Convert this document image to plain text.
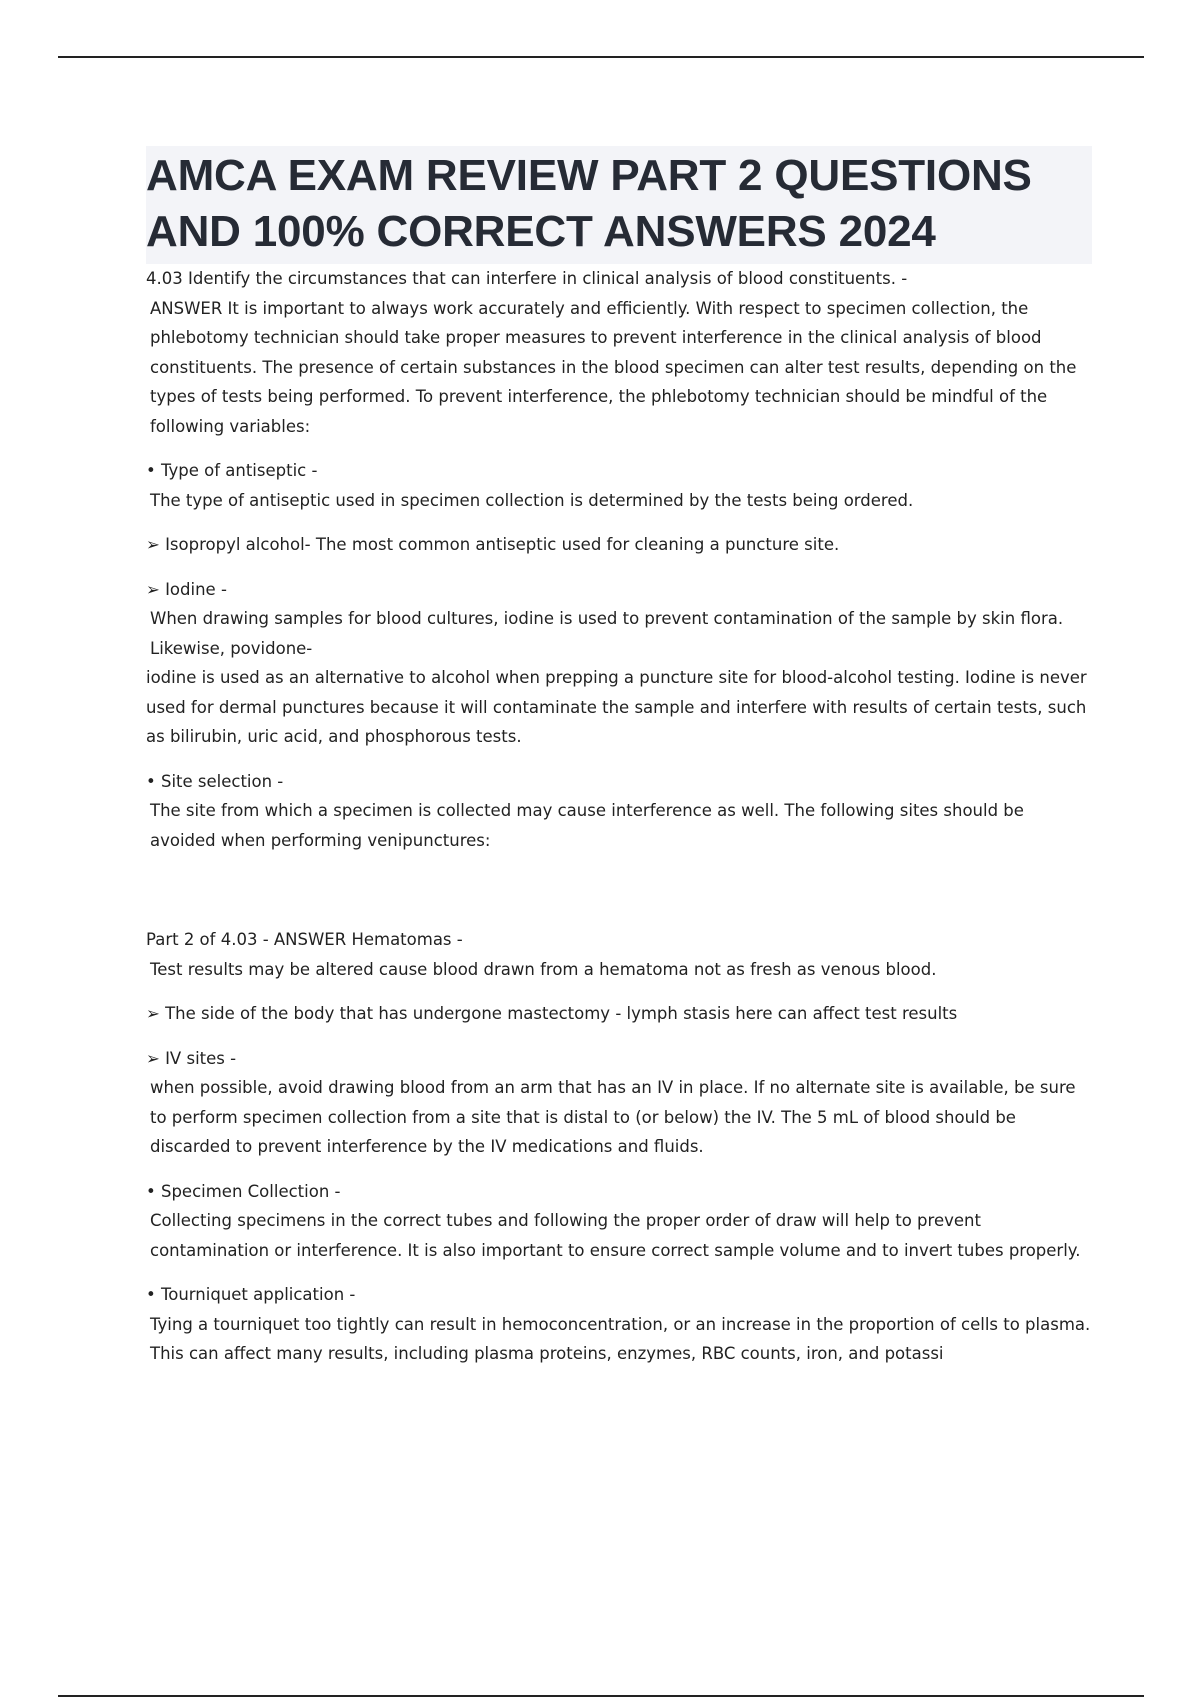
AMCA EXAM REVIEW PART 2 QUESTIONS AND 100% CORRECT ANSWERS 2024

4.03 Identify the circumstances that can interfere in clinical analysis of blood constituents. -

ANSWER It is important to always work accurately and efficiently. With respect to specimen collection, the phlebotomy technician should take proper measures to prevent interference in the clinical analysis of blood constituents. The presence of certain substances in the blood specimen can alter test results, depending on the types of tests being performed. To prevent interference, the phlebotomy technician should be mindful of the following variables:

• Type of antiseptic -

The type of antiseptic used in specimen collection is determined by the tests being ordered.

➢ Isopropyl alcohol- The most common antiseptic used for cleaning a puncture site.

➢ Iodine -

When drawing samples for blood cultures, iodine is used to prevent contamination of the sample by skin flora. Likewise, povidone-

iodine is used as an alternative to alcohol when prepping a puncture site for blood-alcohol testing. Iodine is never used for dermal punctures because it will contaminate the sample and interfere with results of certain tests, such as bilirubin, uric acid, and phosphorous tests.

• Site selection -

The site from which a specimen is collected may cause interference as well. The following sites should be avoided when performing venipunctures:

Part 2 of 4.03 - ANSWER Hematomas -

Test results may be altered cause blood drawn from a hematoma not as fresh as venous blood.

➢ The side of the body that has undergone mastectomy - lymph stasis here can affect test results

➢ IV sites -

when possible, avoid drawing blood from an arm that has an IV in place. If no alternate site is available, be sure to perform specimen collection from a site that is distal to (or below) the IV. The 5 mL of blood should be discarded to prevent interference by the IV medications and fluids.

• Specimen Collection -

Collecting specimens in the correct tubes and following the proper order of draw will help to prevent contamination or interference. It is also important to ensure correct sample volume and to invert tubes properly.

• Tourniquet application -

Tying a tourniquet too tightly can result in hemoconcentration, or an increase in the proportion of cells to plasma. This can affect many results, including plasma proteins, enzymes, RBC counts, iron, and potassi
